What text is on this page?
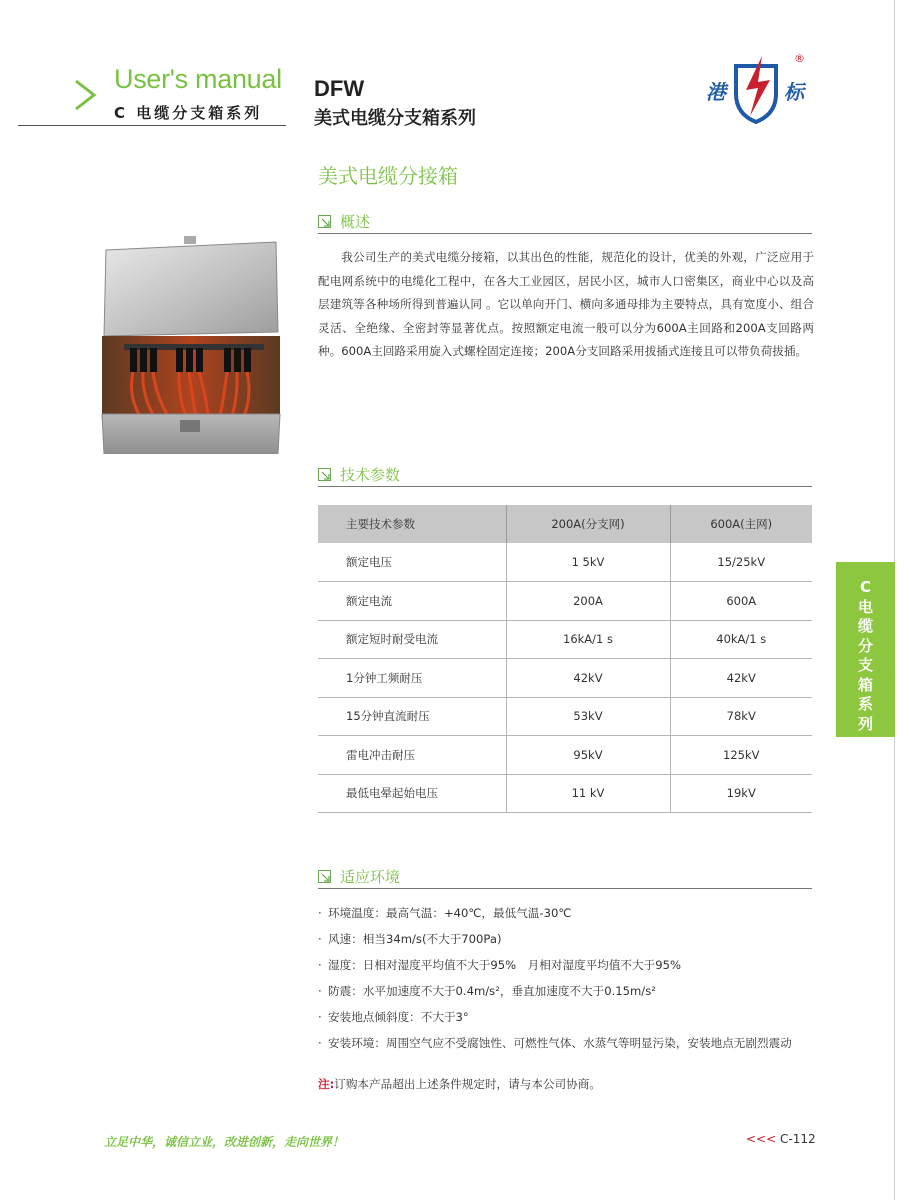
User's manual
C 电缆分支箱系列
DFW
美式电缆分支箱系列
港	标
®
美式电缆分接箱
概述

我公司生产的美式电缆分接箱，以其出色的性能，规范化的设计，优美的外观，广泛应用于配电网系统中的电缆化工程中，在各大工业园区，居民小区，城市人口密集区，商业中心以及高层建筑等各种场所得到普遍认同 。它以单向开门、横向多通母排为主要特点，具有宽度小、组合灵活、全绝缘、全密封等显著优点。按照额定电流一般可以分为600A主回路和200A支回路两种。600A主回路采用旋入式螺栓固定连接；200A分支回路采用拔插式连接且可以带负荷拔插。

技术参数
主要技术参数	200A(分支网)	600A(主网)
额定电压	1 5kV	15/25kV
额定电流	200A	600A
额定短时耐受电流	16kA/1 s	40kA/1 s
1分钟工频耐压	42kV	42kV
15分钟直流耐压	53kV	78kV
雷电冲击耐压	95kV	125kV
最低电晕起始电压	11 kV	19kV
C
电
缆
分
支
箱
系
列
适应环境
· 环境温度：最高气温：+40℃，最低气温-30℃
· 风速：相当34m/s(不大于700Pa)
· 湿度：日相对湿度平均值不大于95%　月相对湿度平均值不大于95%
· 防震：水平加速度不大于0.4m/s²，垂直加速度不大于0.15m/s²
· 安装地点倾斜度：不大于3°
· 安装环境：周围空气应不受腐蚀性、可燃性气体、水蒸气等明显污染，安装地点无剧烈震动
注:订购本产品超出上述条件规定时，请与本公司协商。
立足中华，诚信立业，改进创新，走向世界！	<<< C-112
